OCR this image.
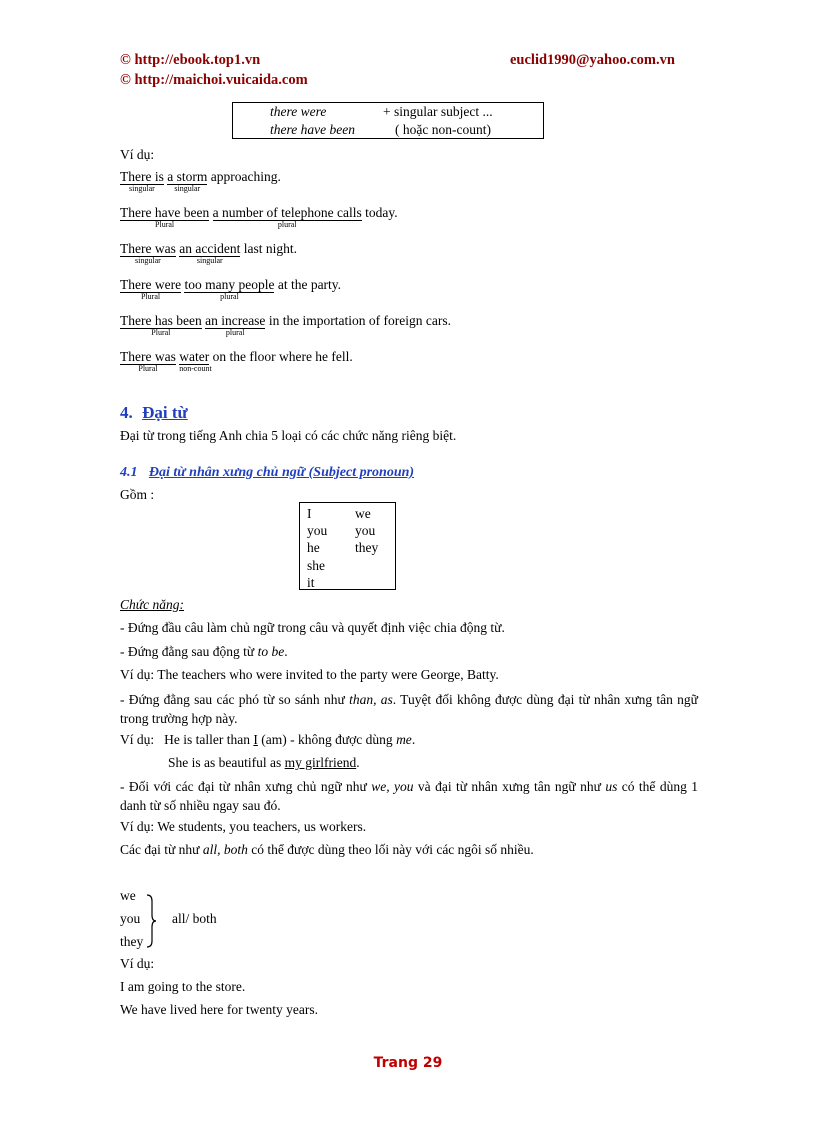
© http://ebook.top1.vn
© http://maichoi.vuicaida.com
euclid1990@yahoo.com.vn
there were	+ singular subject ...
there have been	( hoặc non-count)
Ví dụ:
There is
singular
a storm
singular
approaching.
There have been
Plural
a number of telephone calls
plural
today.
There was
singular
an accident
singular
last night.
There were
Plural
too many people
plural
at the party.
There has been
Plural
an increase
plural
in the importation of foreign cars.
There was
Plural
water
non-count
on the floor where he fell.
4. Đại từ
Đại từ trong tiếng Anh chia 5 loại có các chức năng riêng biệt.
4.1 Đại từ nhân xưng chủ ngữ (Subject pronoun)
Gồm :
I
you
he
she
it
we
you
they
Chức năng:
- Đứng đầu câu làm chủ ngữ trong câu và quyết định việc chia động từ.
- Đứng đằng sau động từ to be.
Ví dụ: The teachers who were invited to the party were George, Batty.
- Đứng đằng sau các phó từ so sánh như than, as. Tuyệt đối không được dùng đại từ nhân xưng tân ngữ trong trường hợp này.
Ví dụ: He is taller than I (am) - không được dùng me.
She is as beautiful as my girlfriend.
- Đối với các đại từ nhân xưng chủ ngữ như we, you và đại từ nhân xưng tân ngữ như us có thể dùng 1 danh từ số nhiều ngay sau đó.
Ví dụ: We students, you teachers, us workers.
Các đại từ như all, both có thể được dùng theo lối này với các ngôi số nhiều.
we
you
they
all/ both
Ví dụ:
I am going to the store.
We have lived here for twenty years.
Trang 29
